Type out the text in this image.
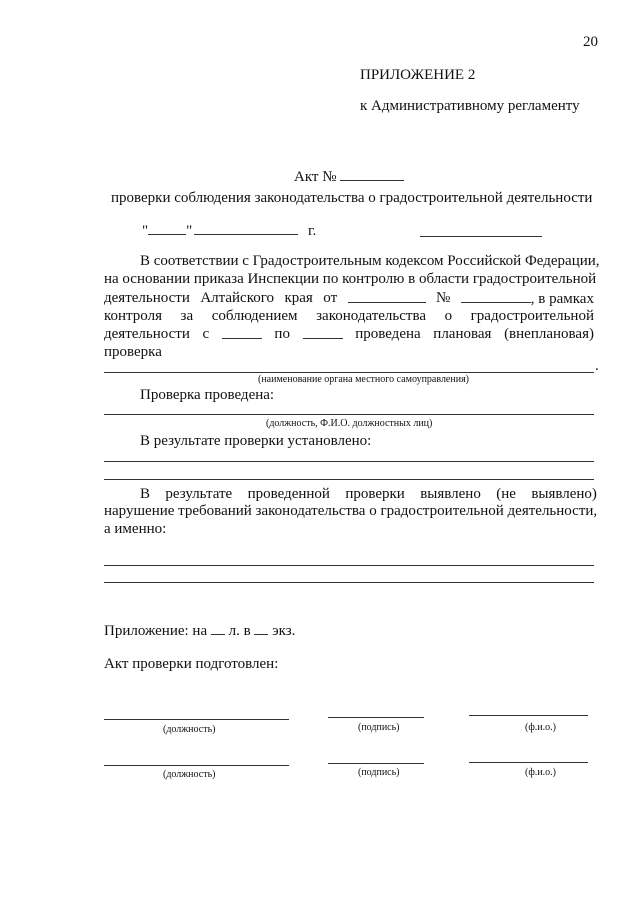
20
ПРИЛОЖЕНИЕ 2
к Административному регламенту
Акт №
проверки соблюдения законодательства о градостроительной деятельности
"	"	г.
В соответствии с Градостроительным кодексом Российской Федерации,
на основании приказа Инспекции по контролю в области градостроительной
деятельности Алтайского края от	№	, в рамках
контроля за соблюдением законодательства о градостроительной
деятельности с	по	проведена плановая (внеплановая)
проверка
.
(наименование органа местного самоуправления)
Проверка проведена:
(должность, Ф.И.О. должностных лиц)
В результате проверки установлено:
В результате проведенной проверки выявлено (не выявлено)
нарушение требований законодательства о градостроительной деятельности,
а именно:
Приложение: на л. в экз.
Акт проверки подготовлен:
(должность)	(подпись)	(ф.и.о.)
(должность)	(подпись)	(ф.и.о.)
